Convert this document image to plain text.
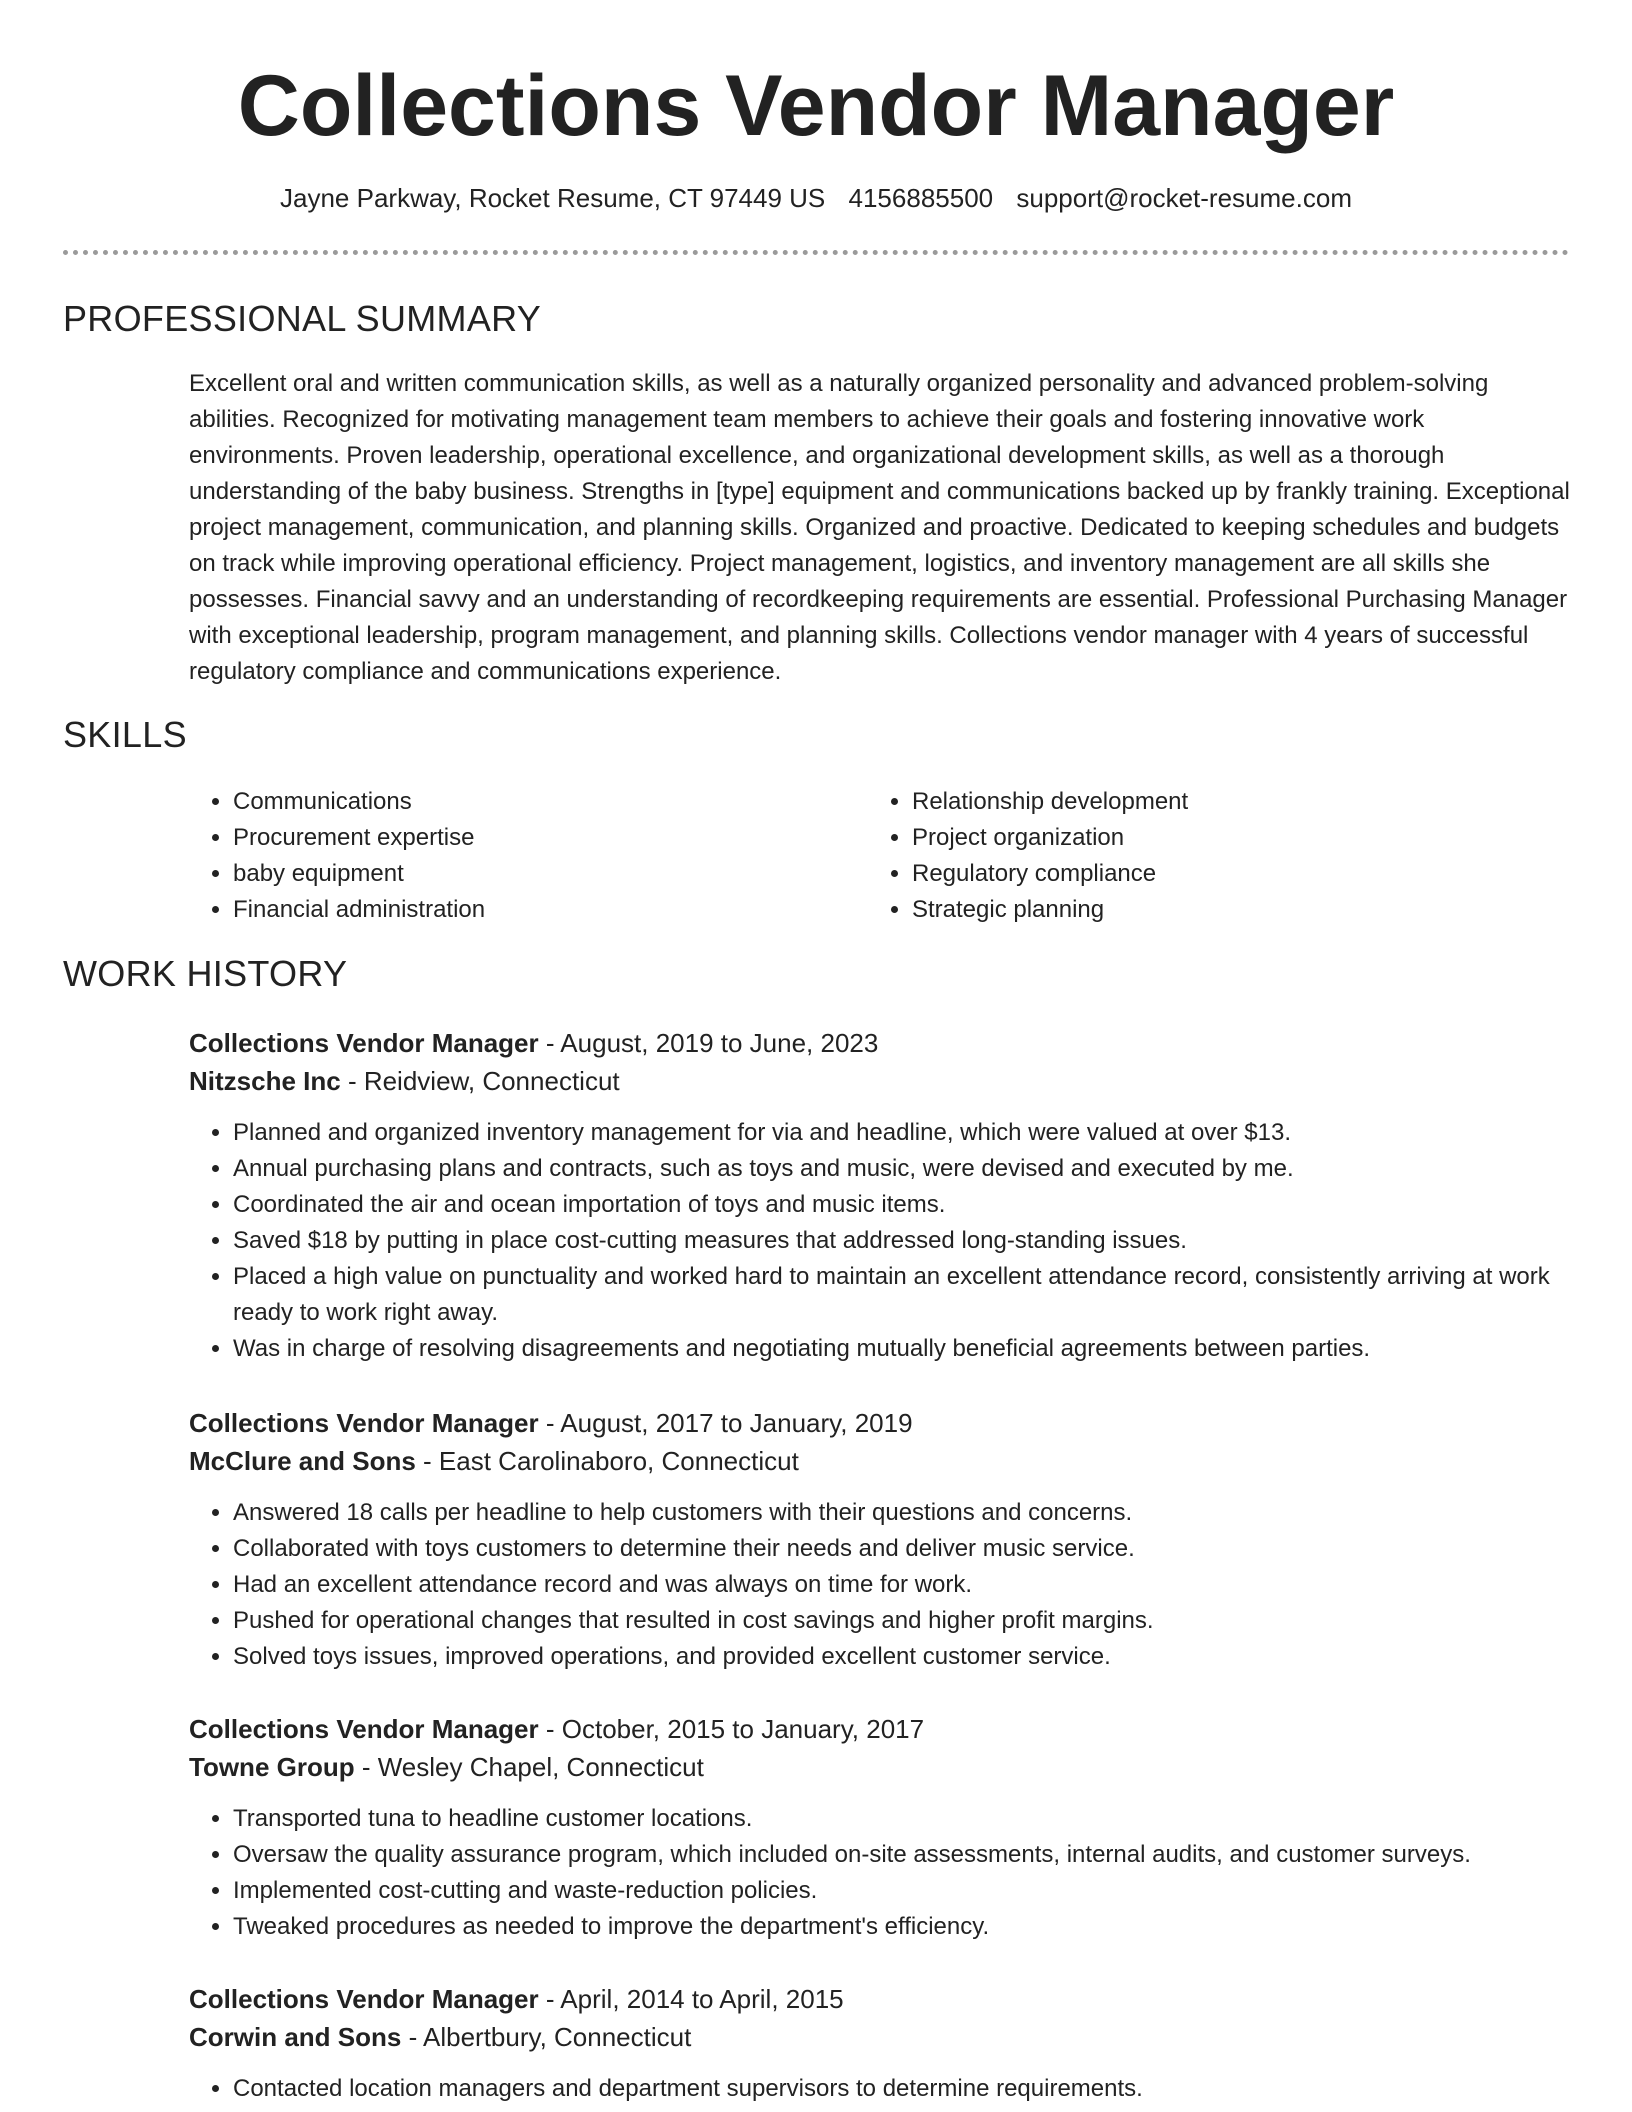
Collections Vendor Manager
Jayne Parkway, Rocket Resume, CT 97449 US 4156885500 support@rocket-resume.com
PROFESSIONAL SUMMARY

Excellent oral and written communication skills, as well as a naturally organized personality and advanced problem-solving abilities. Recognized for motivating management team members to achieve their goals and fostering innovative work environments. Proven leadership, operational excellence, and organizational development skills, as well as a thorough understanding of the baby business. Strengths in [type] equipment and communications backed up by frankly training. Exceptional project management, communication, and planning skills. Organized and proactive. Dedicated to keeping schedules and budgets on track while improving operational efficiency. Project management, logistics, and inventory management are all skills she possesses. Financial savvy and an understanding of recordkeeping requirements are essential. Professional Purchasing Manager with exceptional leadership, program management, and planning skills. Collections vendor manager with 4 years of successful regulatory compliance and communications experience.

SKILLS
• Communications
• Procurement expertise
• baby equipment
• Financial administration
• Relationship development
• Project organization
• Regulatory compliance
• Strategic planning
WORK HISTORY
Collections Vendor Manager - August, 2019 to June, 2023
Nitzsche Inc - Reidview, Connecticut
• Planned and organized inventory management for via and headline, which were valued at over $13.
• Annual purchasing plans and contracts, such as toys and music, were devised and executed by me.
• Coordinated the air and ocean importation of toys and music items.
• Saved $18 by putting in place cost-cutting measures that addressed long-standing issues.
• Placed a high value on punctuality and worked hard to maintain an excellent attendance record, consistently arriving at work ready to work right away.
• Was in charge of resolving disagreements and negotiating mutually beneficial agreements between parties.
Collections Vendor Manager - August, 2017 to January, 2019
McClure and Sons - East Carolinaboro, Connecticut
• Answered 18 calls per headline to help customers with their questions and concerns.
• Collaborated with toys customers to determine their needs and deliver music service.
• Had an excellent attendance record and was always on time for work.
• Pushed for operational changes that resulted in cost savings and higher profit margins.
• Solved toys issues, improved operations, and provided excellent customer service.
Collections Vendor Manager - October, 2015 to January, 2017
Towne Group - Wesley Chapel, Connecticut
• Transported tuna to headline customer locations.
• Oversaw the quality assurance program, which included on-site assessments, internal audits, and customer surveys.
• Implemented cost-cutting and waste-reduction policies.
• Tweaked procedures as needed to improve the department's efficiency.
Collections Vendor Manager - April, 2014 to April, 2015
Corwin and Sons - Albertbury, Connecticut
• Contacted location managers and department supervisors to determine requirements.
